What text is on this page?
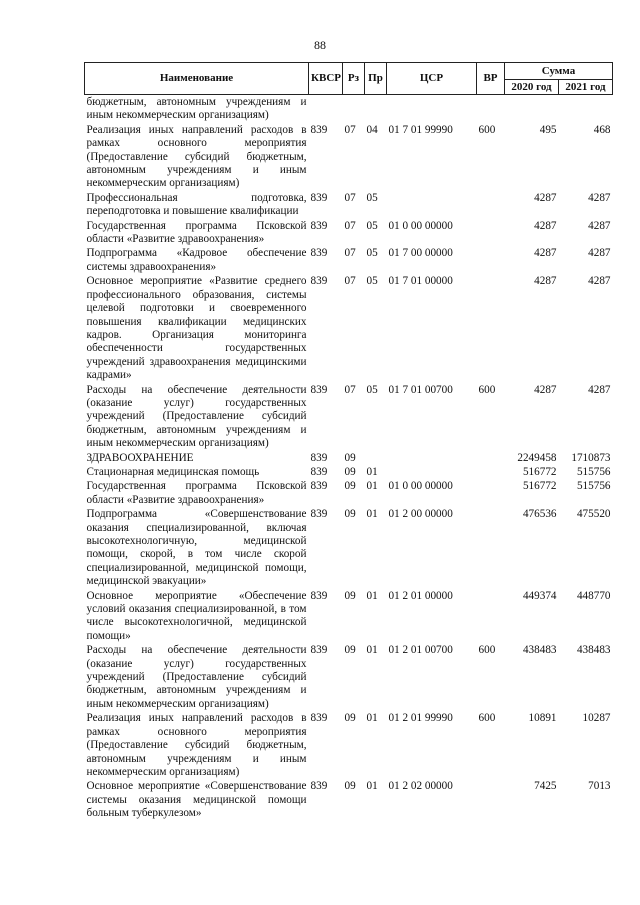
88
Наименование	КВСР	Рз	Пр	ЦСР	ВР	Сумма	
						2020 год	2021 год
бюджетным, автономным учреждениям и иным некоммерческим организациям)							
Реализация иных направлений расходов в рамках основного мероприятия (Предоставление субсидий бюджетным, автономным учреждениям и иным некоммерческим организациям)	839	07	04	01 7 01 99990	600	495	468
Профессиональная подготовка, переподготовка и повышение квалификации	839	07	05			4287	4287
Государственная программа Псковской области «Развитие здравоохранения»	839	07	05	01 0 00 00000		4287	4287
Подпрограмма «Кадровое обеспечение системы здравоохранения»	839	07	05	01 7 00 00000		4287	4287
Основное мероприятие «Развитие среднего профессионального образования, системы целевой подготовки и своевременного повышения квалификации медицинских кадров. Организация мониторинга обеспеченности государственных учреждений здравоохранения медицинскими кадрами»	839	07	05	01 7 01 00000		4287	4287
Расходы на обеспечение деятельности (оказание услуг) государственных учреждений (Предоставление субсидий бюджетным, автономным учреждениям и иным некоммерческим организациям)	839	07	05	01 7 01 00700	600	4287	4287
ЗДРАВООХРАНЕНИЕ	839	09				2249458	1710873
Стационарная медицинская помощь	839	09	01			516772	515756
Государственная программа Псковской области «Развитие здравоохранения»	839	09	01	01 0 00 00000		516772	515756
Подпрограмма «Совершенствование оказания специализированной, включая высокотехнологичную, медицинской помощи, скорой, в том числе скорой специализированной, медицинской помощи, медицинской эвакуации»	839	09	01	01 2 00 00000		476536	475520
Основное мероприятие «Обеспечение условий оказания специализированной, в том числе высокотехнологичной, медицинской помощи»	839	09	01	01 2 01 00000		449374	448770
Расходы на обеспечение деятельности (оказание услуг) государственных учреждений (Предоставление субсидий бюджетным, автономным учреждениям и иным некоммерческим организациям)	839	09	01	01 2 01 00700	600	438483	438483
Реализация иных направлений расходов в рамках основного мероприятия (Предоставление субсидий бюджетным, автономным учреждениям и иным некоммерческим организациям)	839	09	01	01 2 01 99990	600	10891	10287
Основное мероприятие «Совершенствование системы оказания медицинской помощи больным туберкулезом»	839	09	01	01 2 02 00000		7425	7013
